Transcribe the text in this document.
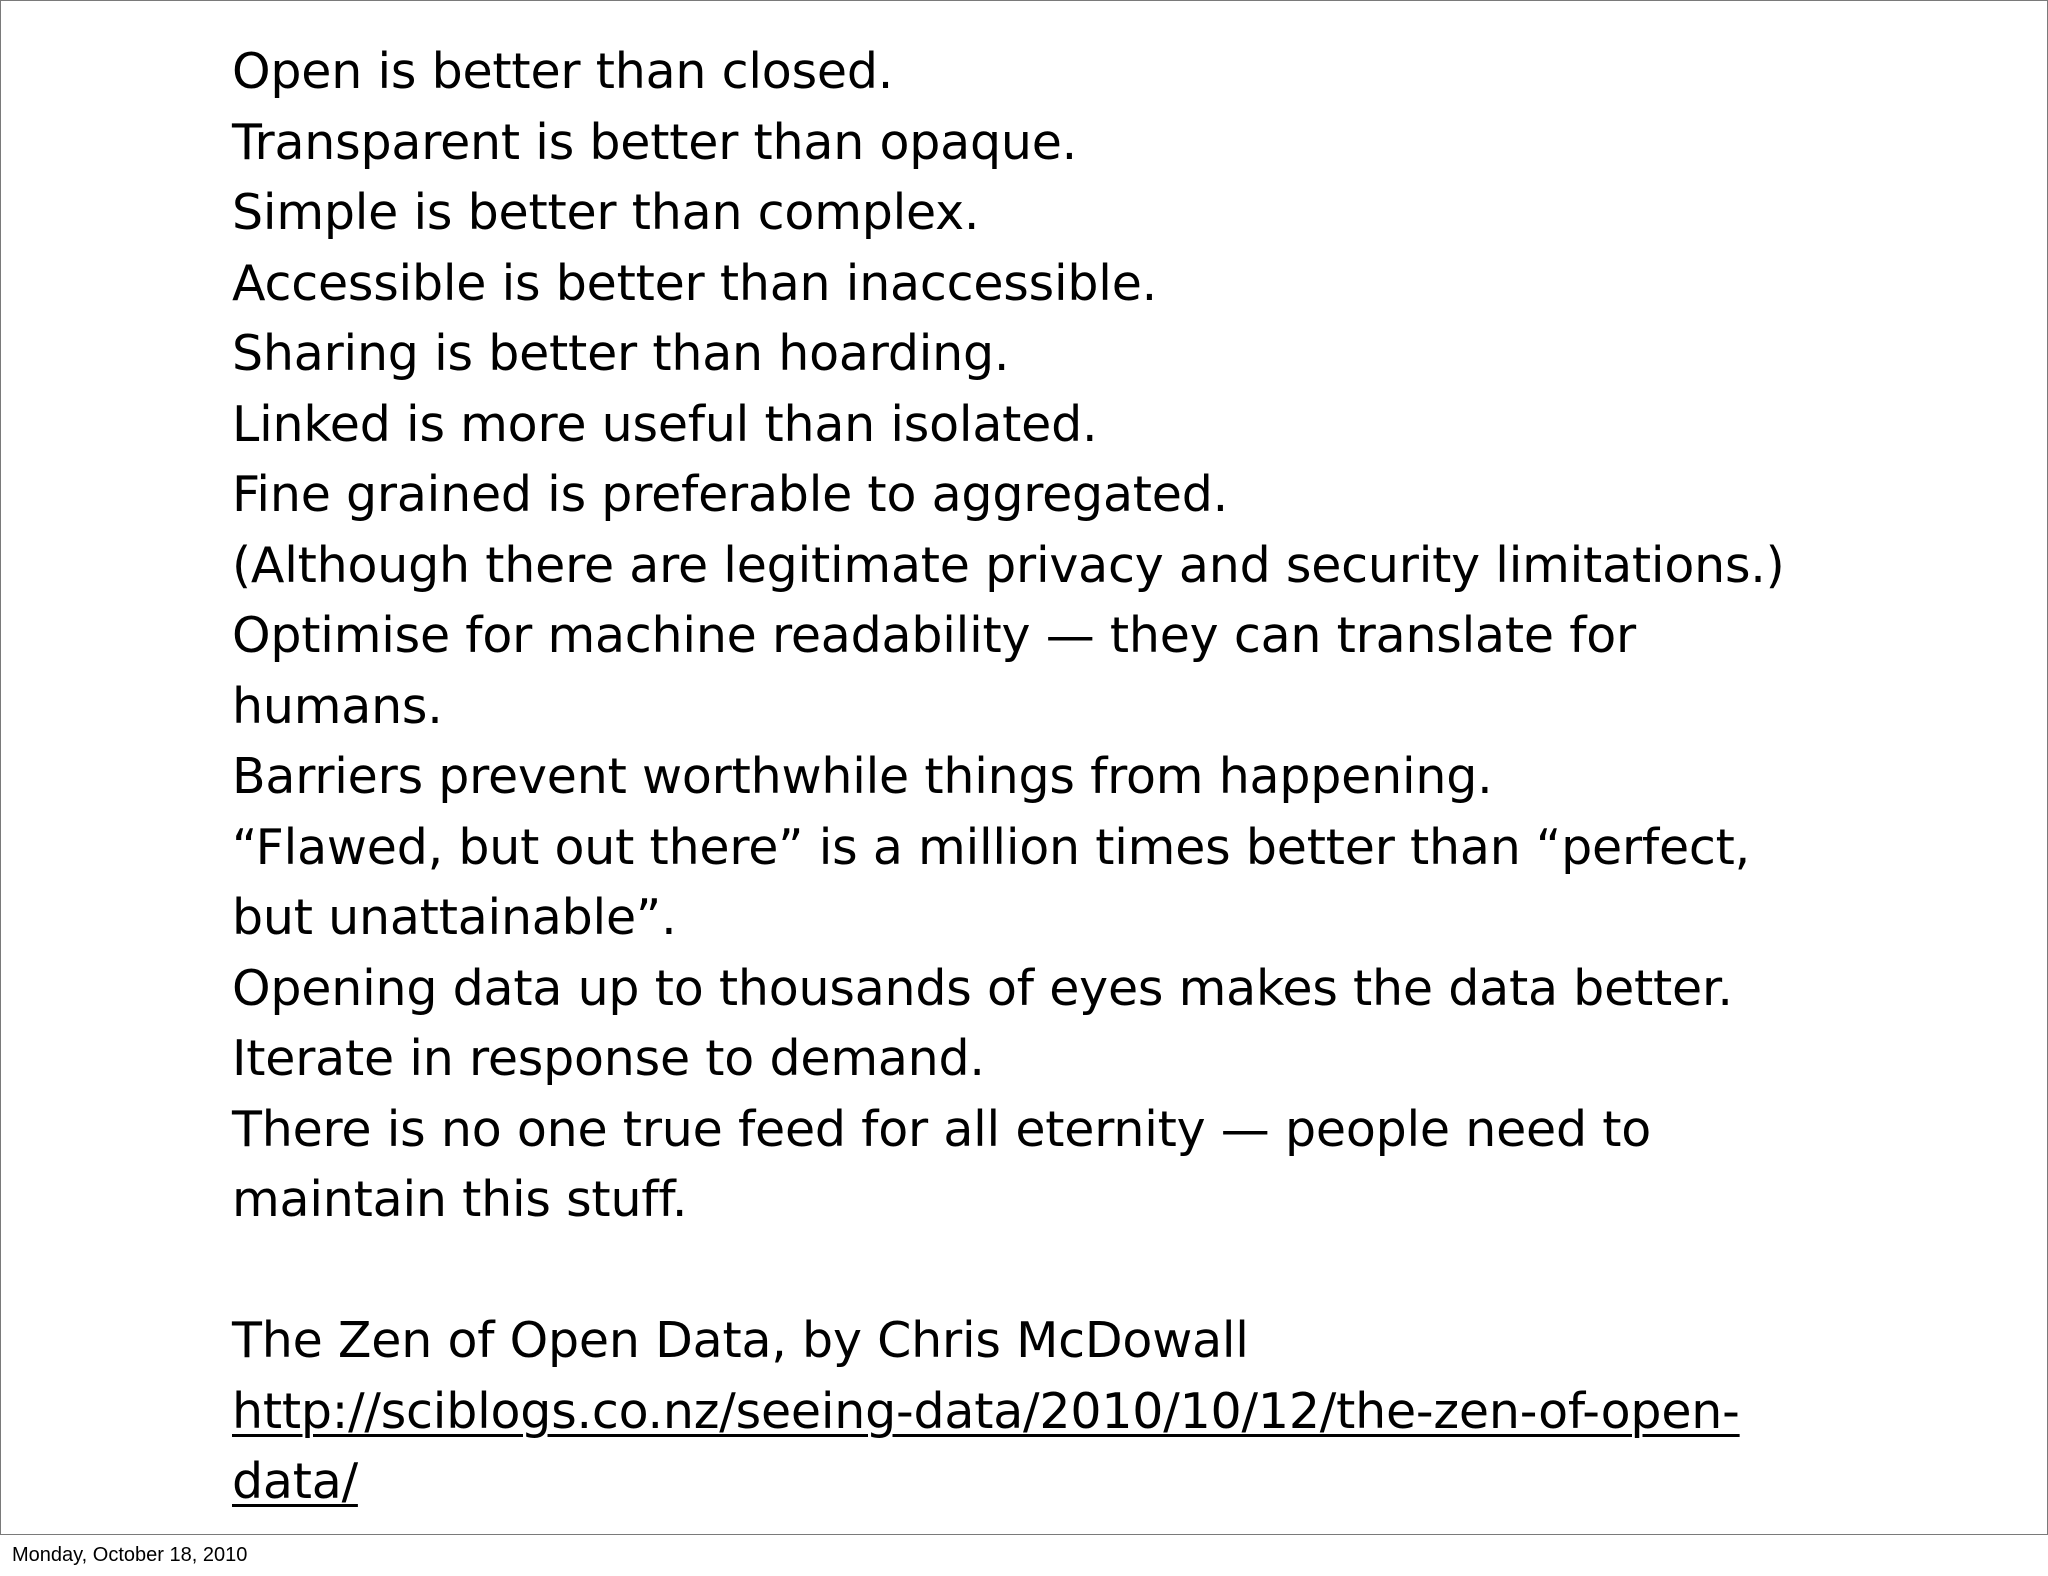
Open is better than closed.
Transparent is better than opaque.
Simple is better than complex.
Accessible is better than inaccessible.
Sharing is better than hoarding.
Linked is more useful than isolated.
Fine grained is preferable to aggregated.
(Although there are legitimate privacy and security limitations.)
Optimise for machine readability — they can translate for
humans.
Barriers prevent worthwhile things from happening.
“Flawed, but out there” is a million times better than “perfect,
but unattainable”.
Opening data up to thousands of eyes makes the data better.
Iterate in response to demand.
There is no one true feed for all eternity — people need to
maintain this stuff.
The Zen of Open Data, by Chris McDowall
http://sciblogs.co.nz/seeing-data/2010/10/12/the-zen-of-open-
data/
Monday, October 18, 2010
